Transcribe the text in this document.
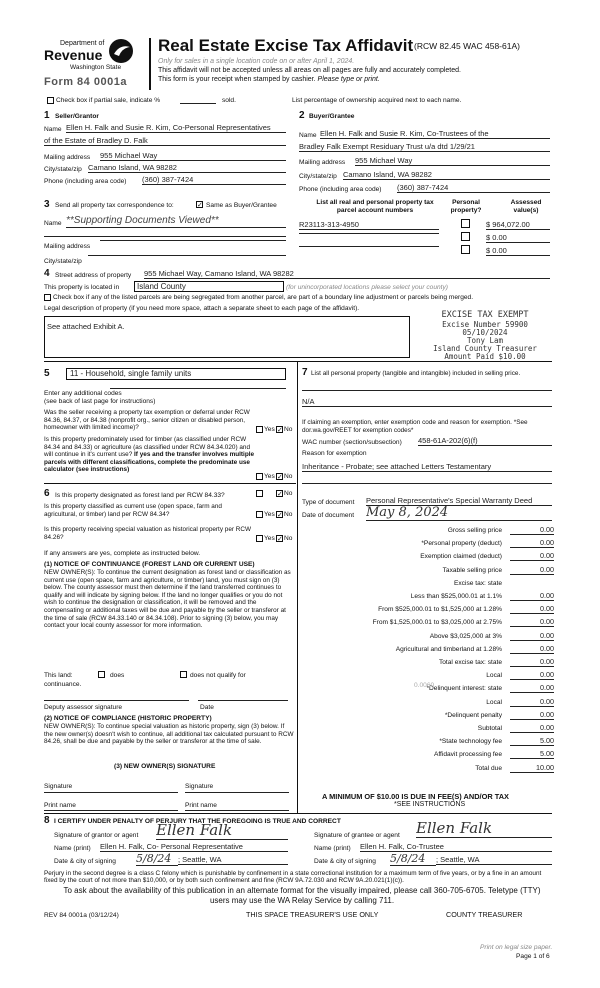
Department of
Revenue
Washington State
Form 84 0001a
Real Estate Excise Tax Affidavit (RCW 82.45 WAC 458-61A)
Only for sales in a single location code on or after April 1, 2024.
This affidavit will not be accepted unless all areas on all pages are fully and accurately completed.
This form is your receipt when stamped by cashier. Please type or print.
Check box if partial sale, indicate %	sold.	List percentage of ownership acquired next to each name.
1 Seller/Grantor
Name Ellen H. Falk and Susie R. Kim, Co-Personal Representatives
of the Estate of Bradley D. Falk
Mailing address 955 Michael Way
City/state/zip Camano Island, WA 98282
Phone (including area code) (360) 387-7424
2 Buyer/Grantee
Name Ellen H. Falk and Susie R. Kim, Co-Trustees of the
Bradley Falk Exempt Residuary Trust u/a dtd 1/29/21
Mailing address 955 Michael Way
City/state/zip Camano Island, WA 98282
Phone (including area code) (360) 387-7424
3 Send all property tax correspondence to: ✓	Same as Buyer/Grantee
Name **Supporting Documents Viewed**
Mailing address
City/state/zip
List all real and personal property tax parcel account numbers
Personal property?
Assessed value(s)
R23113-313-4950	$ 964,072.00
$ 0.00
$ 0.00
4 Street address of property 955 Michael Way, Camano Island, WA 98282
This property is located in	Island County	(for unincorporated locations please select your county)
Check box if any of the listed parcels are being segregated from another parcel, are part of a boundary line adjustment or parcels being merged.
Legal description of property (if you need more space, attach a separate sheet to each page of the affidavit).
See attached Exhibit A.
EXCISE TAX EXEMPT
Excise Number 59900
05/10/2024
Tony Lam
Island County Treasurer
Amount Paid $10.00
5	11 - Household, single family units
Enter any additional codes
(see back of last page for instructions)
Was the seller receiving a property tax exemption or deferral under RCW 84.36, 84.37, or 84.38 (nonprofit org., senior citizen or disabled person, homeowner with limited income)?	Yes ✓ No
Is this property predominately used for timber (as classified under RCW 84.34 and 84.33) or agriculture (as classified under RCW 84.34.020) and will continue in it's current use? If yes and the transfer involves multiple parcels with different classifications, complete the predominate use calculator (see instructions)
Yes ✓ No
6 Is this property designated as forest land per RCW 84.33? ✓	No
Is this property classified as current use (open space, farm and agricultural, or timber) land per RCW 84.34?	Yes ✓ No
Is this property receiving special valuation as historical property per RCW 84.26?	Yes ✓ No
If any answers are yes, complete as instructed below.
(1) NOTICE OF CONTINUANCE (FOREST LAND OR CURRENT USE)
NEW OWNER(S): To continue the current designation as forest land or classification as current use (open space, farm and agriculture, or timber) land, you must sign on (3) below. The county assessor must then determine if the land transferred continues to qualify and will indicate by signing below. If the land no longer qualifies or you do not wish to continue the designation or classification, it will be removed and the compensating or additional taxes will be due and payable by the seller or transferor at the time of sale (RCW 84.33.140 or 84.34.108). Prior to signing (3) below, you may contact your local county assessor for more information.
This land:	does	does not qualify for
continuance.
Deputy assessor signature	Date
(2) NOTICE OF COMPLIANCE (HISTORIC PROPERTY)
NEW OWNER(S): To continue special valuation as historic property, sign (3) below. If the new owner(s) doesn't wish to continue, all additional tax calculated pursuant to RCW 84.26, shall be due and payable by the seller or transferor at the time of sale.
(3) NEW OWNER(S) SIGNATURE
Signature	Signature
Print name	Print name
7 List all personal property (tangible and intangible) included in selling price.
N/A
If claiming an exemption, enter exemption code and reason for exemption. *See dor.wa.gov/REET for exemption codes*
WAC number (section/subsection) 458-61A-202(6)(f)
Reason for exemption
Inheritance - Probate; see attached Letters Testamentary
Type of document Personal Representative's Special Warranty Deed
Date of document May 8, 2024
Gross selling price	0.00
*Personal property (deduct)	0.00
Exemption claimed (deduct)	0.00
Taxable selling price	0.00
Excise tax: state
Less than $525,000.01 at 1.1%	0.00
From $525,000.01 to $1,525,000 at 1.28%	0.00
From $1,525,000.01 to $3,025,000 at 2.75%	0.00
Above $3,025,000 at 3%	0.00
Agricultural and timberland at 1.28%	0.00
Total excise tax: state	0.00
Local	0.00
*Delinquent interest: state	0.00
Local	0.00
*Delinquent penalty	0.00
Subtotal	0.00
*State technology fee	5.00
Affidavit processing fee	5.00
Total due	10.00
0.0060
A MINIMUM OF $10.00 IS DUE IN FEE(S) AND/OR TAX
*SEE INSTRUCTIONS
8 I CERTIFY UNDER PENALTY OF PERJURY THAT THE FOREGOING IS TRUE AND CORRECT
Signature of grantor or agent Ellen Falk	Signature of grantee or agent Ellen Falk
Name (print) Ellen H. Falk, Co- Personal Representative	Name (print) Ellen H. Falk, Co-Trustee
Date & city of signing 5/8/24 ; Seattle, WA	Date & city of signing 5/8/24	; Seattle, WA
Perjury in the second degree is a class C felony which is punishable by confinement in a state correctional institution for a maximum term of five years, or by a fine in an amount fixed by the court of not more than $10,000, or by both such confinement and fine (RCW 9A.72.030 and RCW 9A.20.021(1)(c)).
To ask about the availability of this publication in an alternate format for the visually impaired, please call 360-705-6705. Teletype (TTY) users may use the WA Relay Service by calling 711.
REV 84 0001a (03/12/24)	THIS SPACE TREASURER'S USE ONLY	COUNTY TREASURER
Print on legal size paper.
Page 1 of 6
